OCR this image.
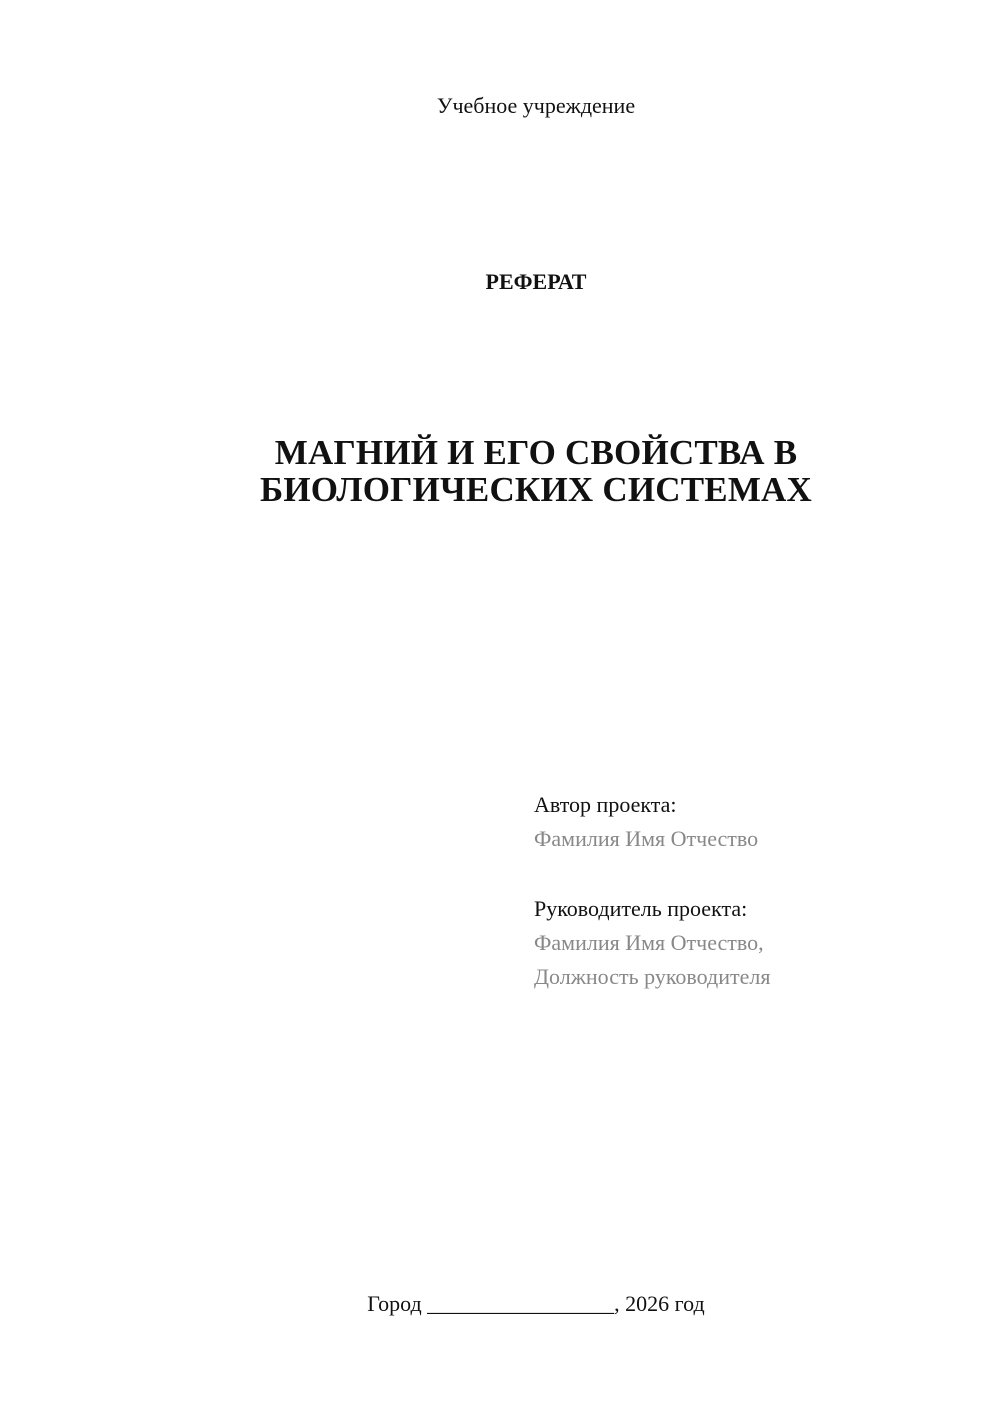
Учебное учреждение
РЕФЕРАТ
МАГНИЙ И ЕГО СВОЙСТВА В
БИОЛОГИЧЕСКИХ СИСТЕМАХ
Автор проекта:
Фамилия Имя Отчество
Руководитель проекта:
Фамилия Имя Отчество,
Должность руководителя
Город _________________, 2026 год
